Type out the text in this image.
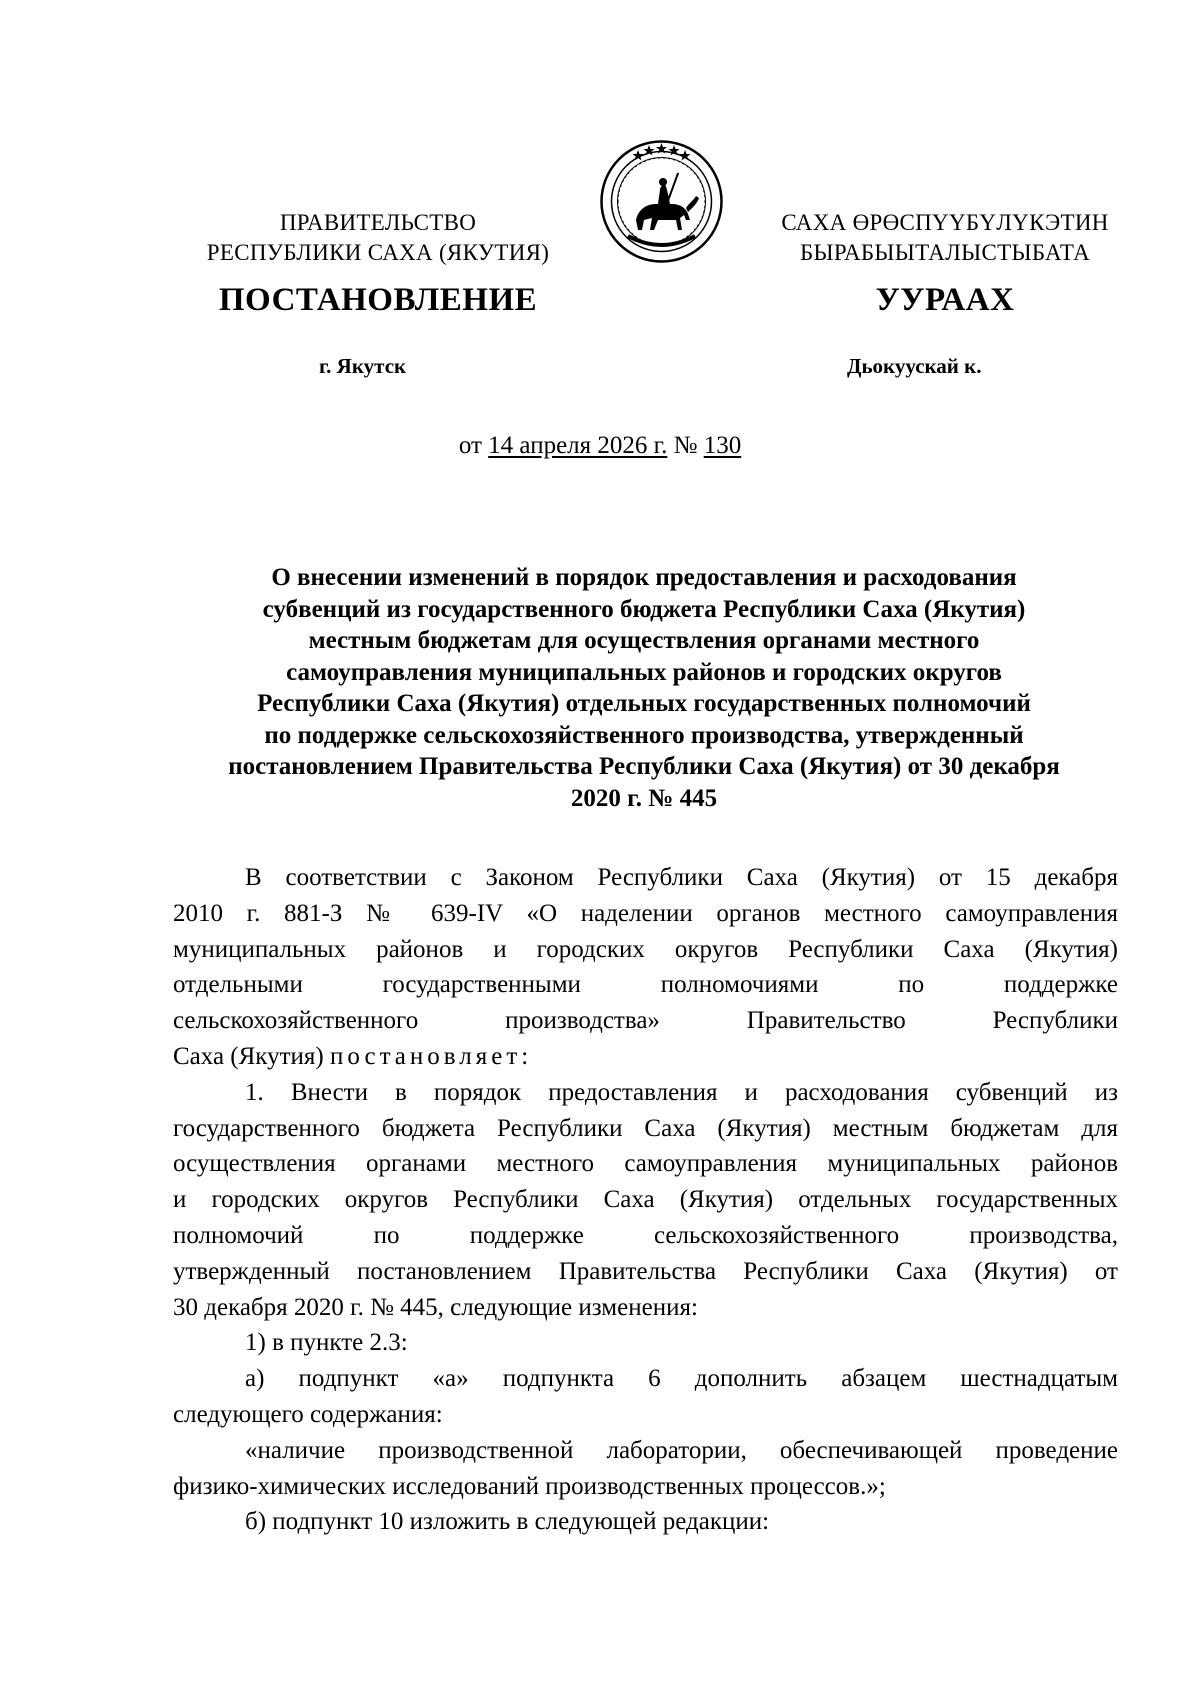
ПРАВИТЕЛЬСТВО
РЕСПУБЛИКИ САХА (ЯКУТИЯ)
САХА ӨРӨСПҮҮБҮЛҮКЭТИН
БЫРАБЫЫТАЛЫСТЫБАТА
ПОСТАНОВЛЕНИЕ	УУРААХ
г. Якутск	Дьокуускай к.
от 14 апреля 2026 г. № 130
О внесении изменений в порядок предоставления и расходования
субвенций из государственного бюджета Республики Саха (Якутия)
местным бюджетам для осуществления органами местного
самоуправления муниципальных районов и городских округов
Республики Саха (Якутия) отдельных государственных полномочий
по поддержке сельскохозяйственного производства, утвержденный
постановлением Правительства Республики Саха (Якутия) от 30 декабря
2020 г. № 445
В соответствии с Законом Республики Саха (Якутия) от 15 декабря
2010 г. 881-З № 639-IV «О наделении органов местного самоуправления
муниципальных районов и городских округов Республики Саха (Якутия)
отдельными государственными полномочиями по поддержке
сельскохозяйственного производства» Правительство Республики
Саха (Якутия) постановляет:
1. Внести в порядок предоставления и расходования субвенций из
государственного бюджета Республики Саха (Якутия) местным бюджетам для
осуществления органами местного самоуправления муниципальных районов
и городских округов Республики Саха (Якутия) отдельных государственных
полномочий по поддержке сельскохозяйственного производства,
утвержденный постановлением Правительства Республики Саха (Якутия) от
30 декабря 2020 г. № 445, следующие изменения:
1) в пункте 2.3:
а) подпункт «а» подпункта 6 дополнить абзацем шестнадцатым
следующего содержания:
«наличие производственной лаборатории, обеспечивающей проведение
физико-химических исследований производственных процессов.»;
б) подпункт 10 изложить в следующей редакции:
